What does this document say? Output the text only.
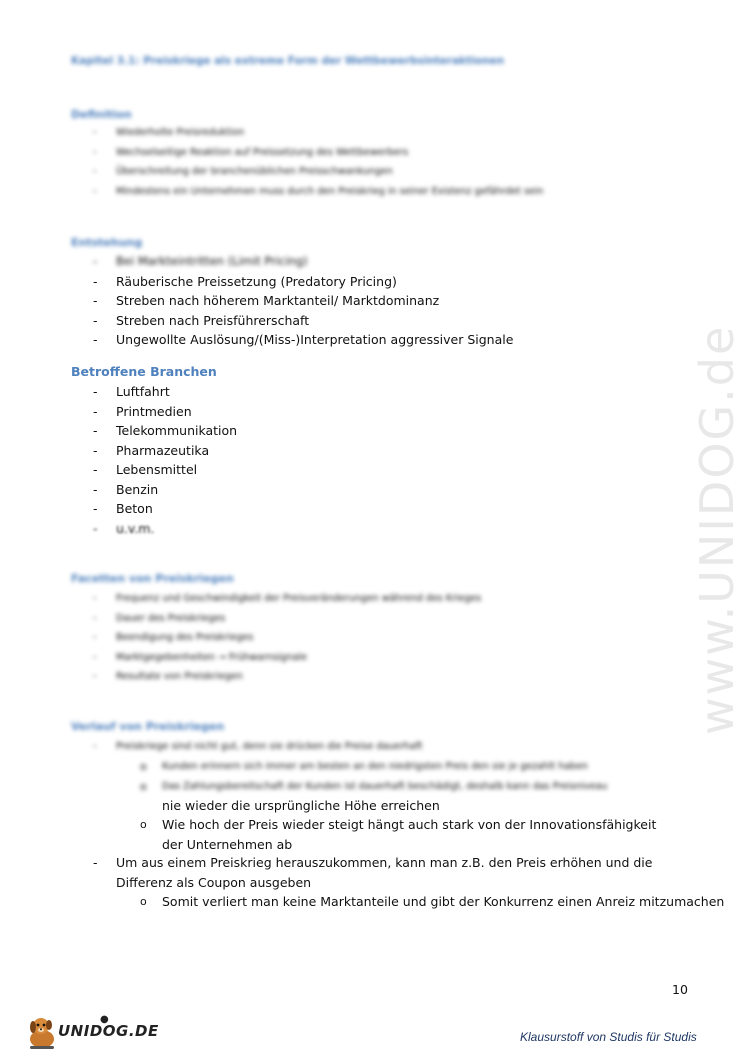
www.UNIDOG.de
Kapitel 3.1: Preiskriege als extreme Form der Wettbewerbsinteraktionen
Definition
- Wiederholte Preisreduktion
- Wechselseitige Reaktion auf Preissetzung des Wettbewerbers
- Überschreitung der branchenüblichen Preisschwankungen
- Mindestens ein Unternehmen muss durch den Preiskrieg in seiner Existenz gefährdet sein
Entstehung
- Bei Markteintritten (Limit Pricing)
- Räuberische Preissetzung (Predatory Pricing)
- Streben nach höherem Marktanteil/ Marktdominanz
- Streben nach Preisführerschaft
- Ungewollte Auslösung/(Miss-)Interpretation aggressiver Signale
Betroffene Branchen
- Luftfahrt
- Printmedien
- Telekommunikation
- Pharmazeutika
- Lebensmittel
- Benzin
- Beton
- u.v.m.
Facetten von Preiskriegen
- Frequenz und Geschwindigkeit der Preisveränderungen während des Krieges
- Dauer des Preiskrieges
- Beendigung des Preiskrieges
- Marktgegebenheiten → Frühwarnsignale
- Resultate von Preiskriegen
Verlauf von Preiskriegen
- Preiskriege sind nicht gut, denn sie drücken die Preise dauerhaft
o Kunden erinnern sich immer am besten an den niedrigsten Preis den sie je gezahlt haben
o Das Zahlungsbereitschaft der Kunden ist dauerhaft beschädigt, deshalb kann das Preisniveau
nie wieder die ursprüngliche Höhe erreichen
o Wie hoch der Preis wieder steigt hängt auch stark von der Innovationsfähigkeit der Unternehmen ab
- Um aus einem Preiskrieg herauszukommen, kann man z.B. den Preis erhöhen und die Differenz als Coupon ausgeben
o Somit verliert man keine Marktanteile und gibt der Konkurrenz einen Anreiz mitzumachen
10
UNIDOG.DE
●
Klausurstoff von Studis für Studis
